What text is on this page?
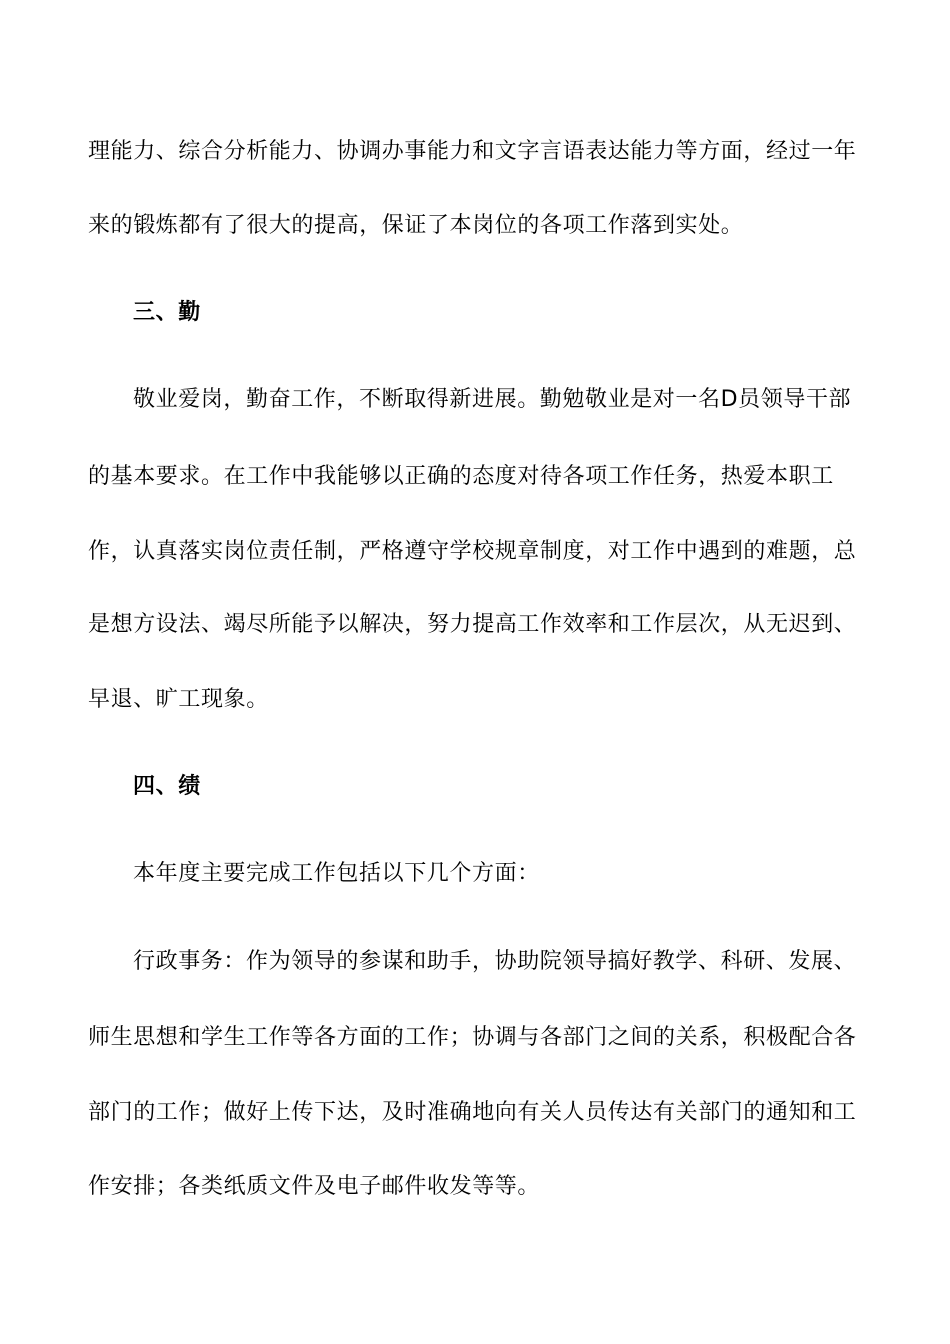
理能力、综合分析能力、协调办事能力和文字言语表达能力等方面，经过一年
来的锻炼都有了很大的提高，保证了本岗位的各项工作落到实处。
三、勤
敬业爱岗，勤奋工作，不断取得新进展。勤勉敬业是对一名D员领导干部
的基本要求。在工作中我能够以正确的态度对待各项工作任务，热爱本职工
作，认真落实岗位责任制，严格遵守学校规章制度，对工作中遇到的难题，总
是想方设法、竭尽所能予以解决，努力提高工作效率和工作层次，从无迟到、
早退、旷工现象。
四、绩
本年度主要完成工作包括以下几个方面：
行政事务：作为领导的参谋和助手，协助院领导搞好教学、科研、发展、
师生思想和学生工作等各方面的工作；协调与各部门之间的关系，积极配合各
部门的工作；做好上传下达，及时准确地向有关人员传达有关部门的通知和工
作安排；各类纸质文件及电子邮件收发等等。
